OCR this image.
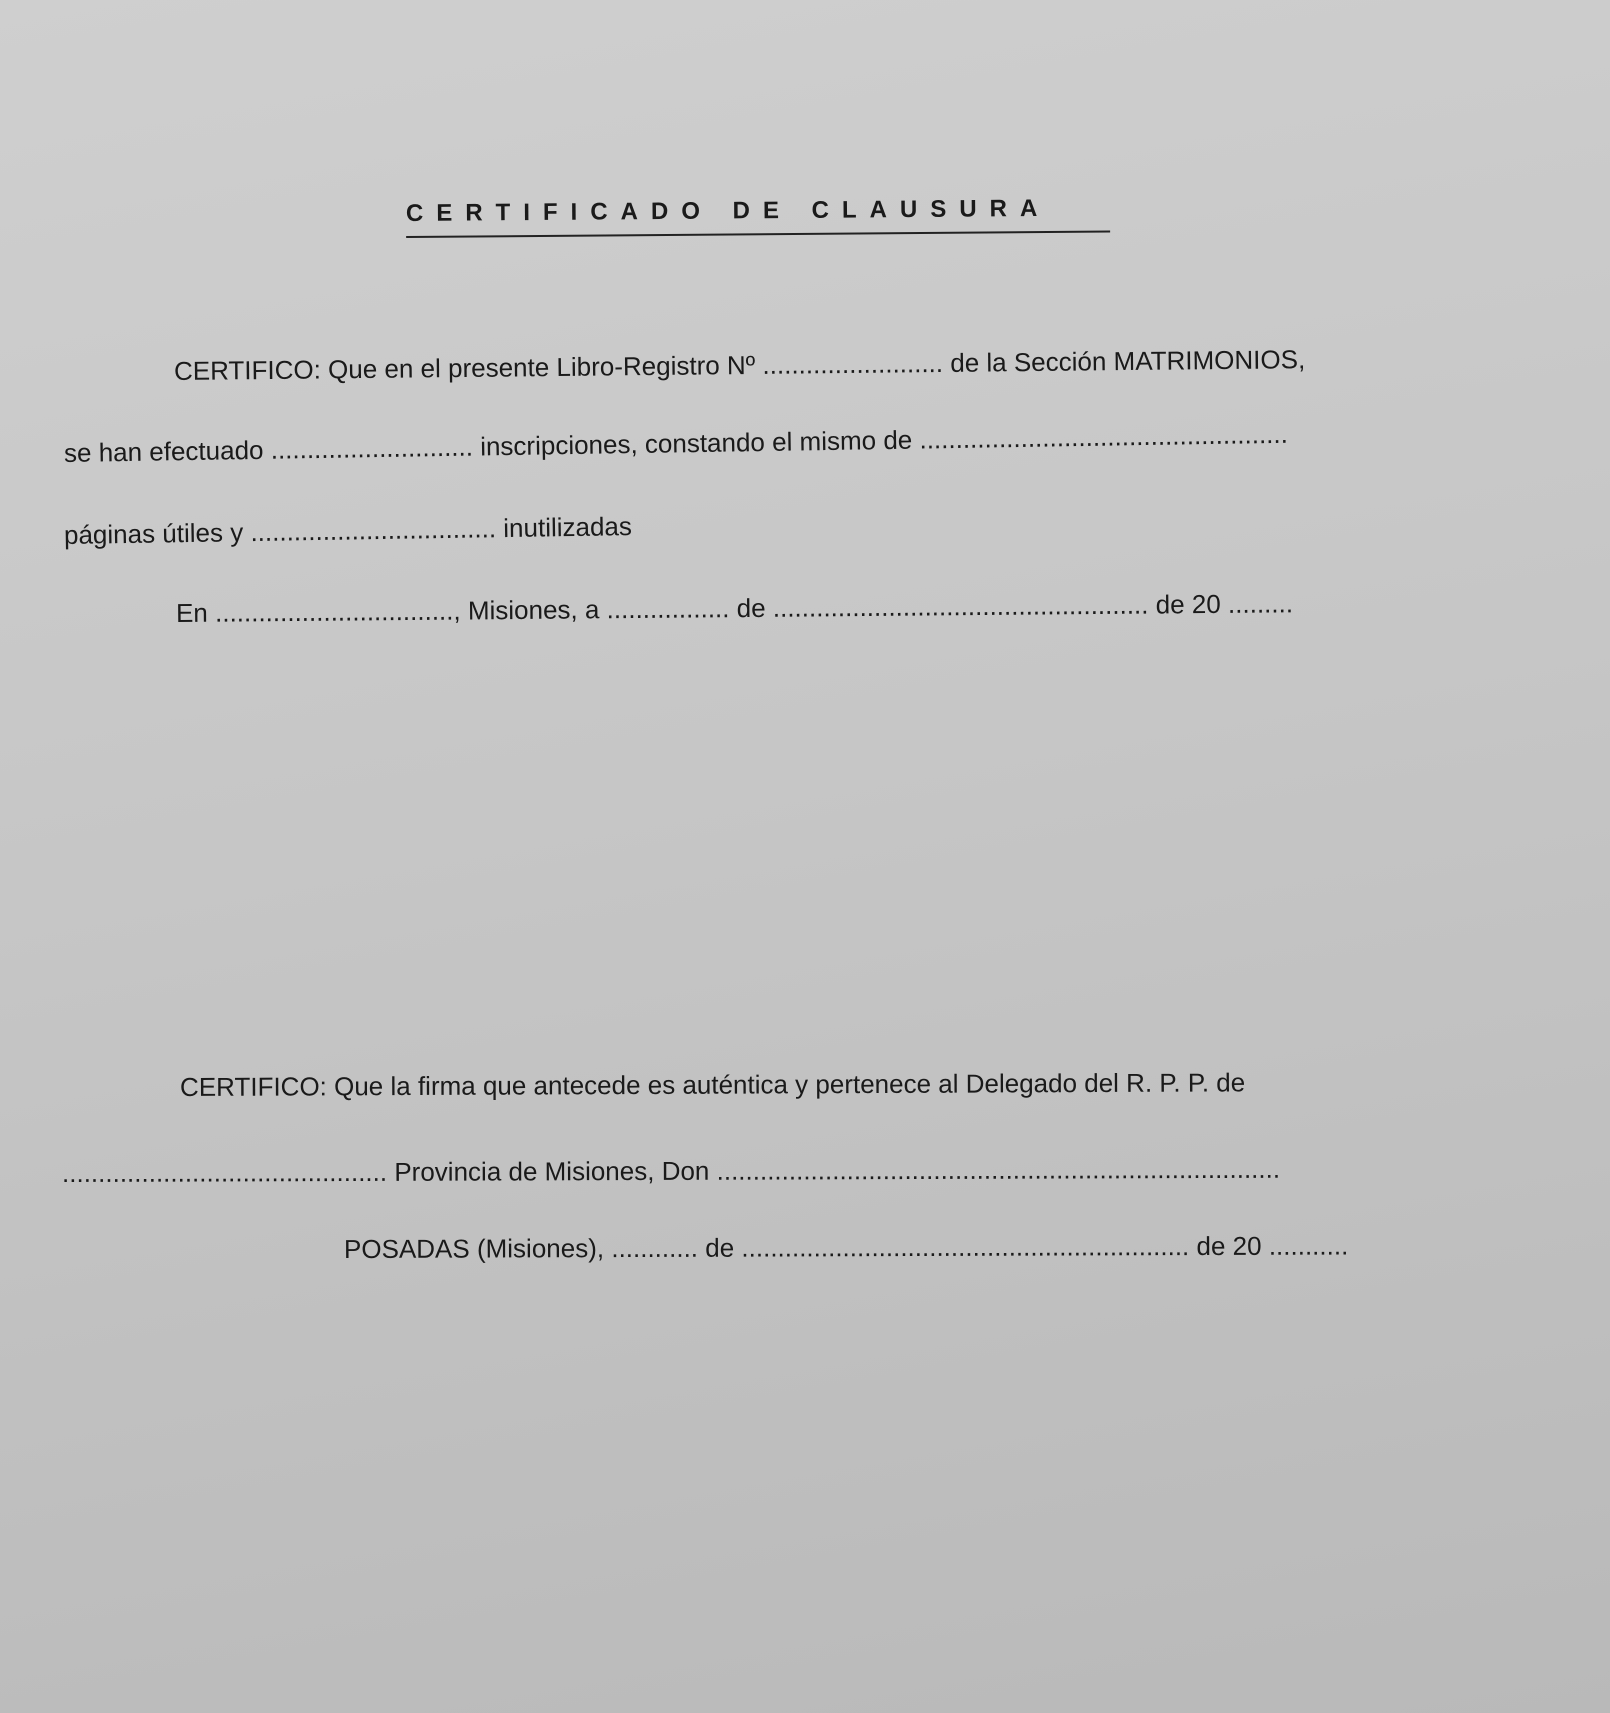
CERTIFICADO DE CLAUSURA
CERTIFICO: Que en el presente Libro-Registro Nº ......................... de la Sección MATRIMONIOS,
se han efectuado ............................ inscripciones, constando el mismo de ...................................................
páginas útiles y .................................. inutilizadas
En ................................., Misiones, a ................. de .................................................... de 20 .........
CERTIFICO: Que la firma que antecede es auténtica y pertenece al Delegado del R. P. P. de
............................................. Provincia de Misiones, Don ..............................................................................
POSADAS (Misiones), ............ de .............................................................. de 20 ...........
